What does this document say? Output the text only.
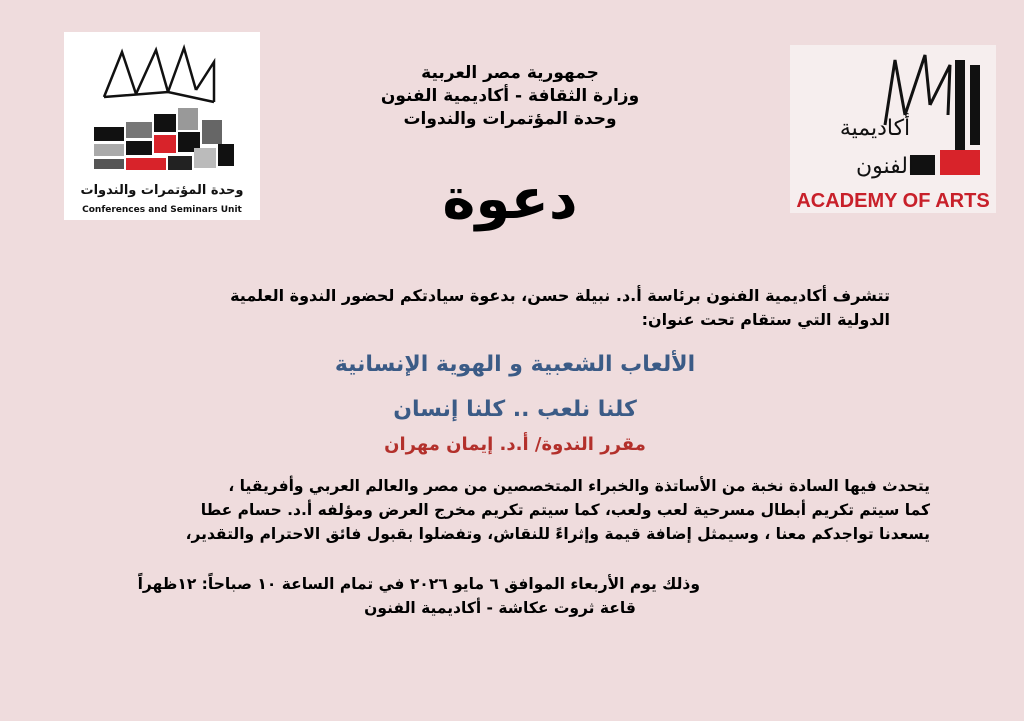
وحدة المؤتمرات والندوات
Conferences and Seminars Unit
أكاديمية
الفنون
ACADEMY OF ARTS
جمهورية مصر العربية
وزارة الثقافة - أكاديمية الفنون
وحدة المؤتمرات والندوات
دعوة
تتشرف أكاديمية الفنون برئاسة أ.د. نبيلة حسن، بدعوة سيادتكم لحضور الندوة العلمية
الدولية التي ستقام تحت عنوان:
الألعاب الشعبية و الهوية الإنسانية
كلنا نلعب .. كلنا إنسان
مقرر الندوة/ أ.د. إيمان مهران
يتحدث فيها السادة نخبة من الأساتذة والخبراء المتخصصين من مصر والعالم العربي وأفريقيا ،
كما سيتم تكريم أبطال مسرحية لعب ولعب، كما سيتم تكريم مخرج العرض ومؤلفه أ.د. حسام عطا
يسعدنا تواجدكم معنا ، وسيمثل إضافة قيمة وإثراءً للنقاش، وتفضلوا بقبول فائق الاحترام والتقدير،
وذلك يوم الأربعاء الموافق ٦ مايو ٢٠٢٦ في تمام الساعة ١٠ صباحاً: ١٢ظهراً
قاعة ثروت عكاشة - أكاديمية الفنون
